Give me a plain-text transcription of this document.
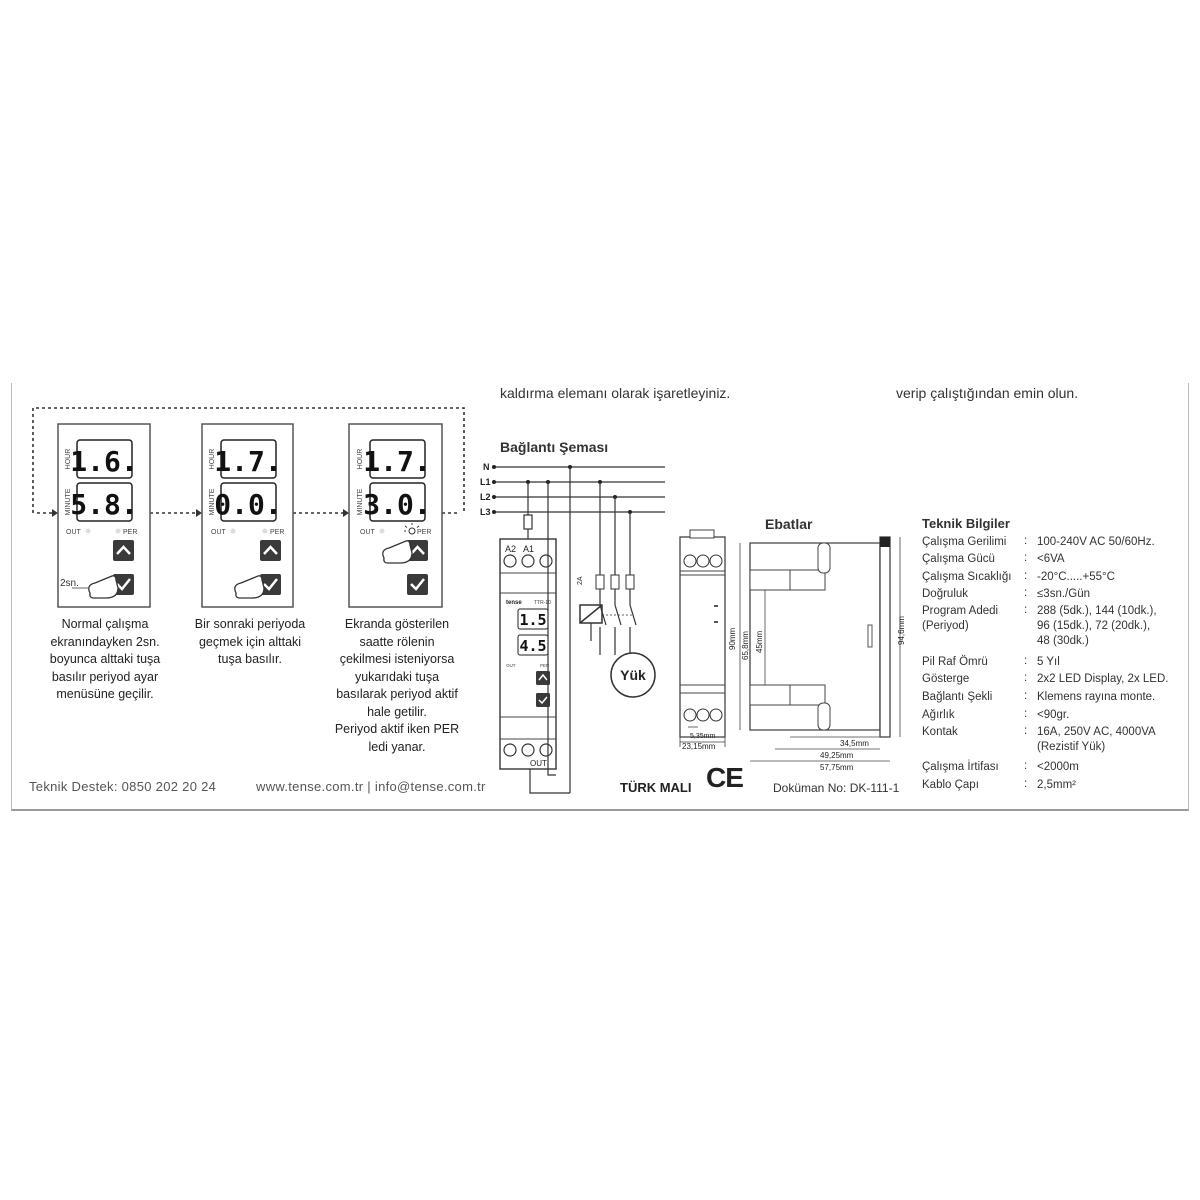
kaldırma elemanı olarak işaretleyiniz.	verip çalıştığından emin olun.
1.6.
5.8.
HOUR
MINUTE
OUT	PER
2sn.
1.7.
0.0.
HOUR
MINUTE
OUT	PER
1.7.
3.0.
HOUR
MINUTE
OUT	PER
Normal çalışma
ekranındayken 2sn.
boyunca alttaki tuşa
basılır periyod ayar
menüsüne geçilir.
Bir sonraki periyoda
geçmek için alttaki
tuşa basılır.
Ekranda gösterilen
saatte rölenin
çekilmesi isteniyorsa
yukarıdaki tuşa
basılarak periyod aktif
hale getilir.
Periyod aktif iken PER
ledi yanar.
Bağlantı Şeması
N
L1
L2
L3
A2 A1
tense TTR-10
1.5
4.5
OUT	PER
OUT
2A
Yük
Ebatlar
23,15mm
5,35mm
90mm 65,8mm 45mm	94,6mm
34,5mm
49,25mm
57,75mm
Teknik Bilgiler
Çalışma Gerilimi : 100-240V AC 50/60Hz.
Çalışma Gücü	: <6VA
Çalışma Sıcaklığı : -20°C.....+55°C
Doğruluk	: ≤3sn./Gün
Program Adedi
(Periyod)
: 288 (5dk.), 144 (10dk.),
96 (15dk.), 72 (20dk.),
48 (30dk.)
Pil Raf Ömrü	: 5 Yıl
Gösterge	: 2x2 LED Display, 2x LED.
Bağlantı Şekli	: Klemens rayına monte.
Ağırlık	: <90gr.
Kontak	: 16A, 250V AC, 4000VA
(Rezistif Yük)
Çalışma İrtifası : <2000m
Kablo Çapı	: 2,5mm²
Teknik Destek: 0850 202 20 24	www.tense.com.tr | info@tense.com.tr	TÜRK MALI CE	Doküman No: DK-111-1
